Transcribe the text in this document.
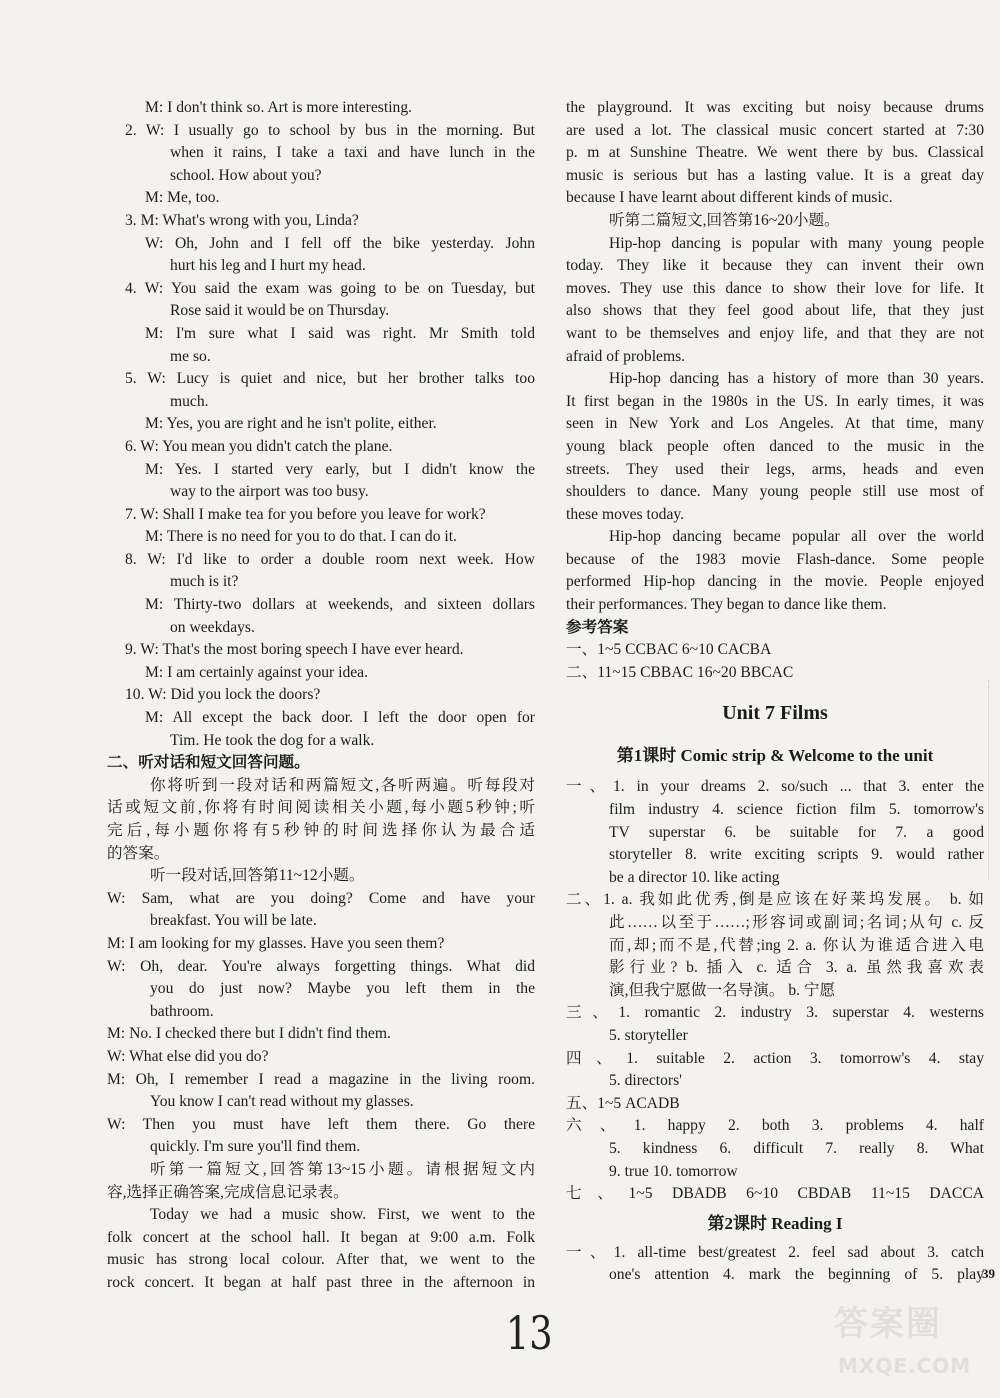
M: I don't think so. Art is more interesting.
2. W: I usually go to school by bus in the morning. But
when it rains, I take a taxi and have lunch in the
school. How about you?
M: Me, too.
3. M: What's wrong with you, Linda?
W: Oh, John and I fell off the bike yesterday. John
hurt his leg and I hurt my head.
4. W: You said the exam was going to be on Tuesday, but
Rose said it would be on Thursday.
M: I'm sure what I said was right. Mr Smith told
me so.
5. W: Lucy is quiet and nice, but her brother talks too
much.
M: Yes, you are right and he isn't polite, either.
6. W: You mean you didn't catch the plane.
M: Yes. I started very early, but I didn't know the
way to the airport was too busy.
7. W: Shall I make tea for you before you leave for work?
M: There is no need for you to do that. I can do it.
8. W: I'd like to order a double room next week. How
much is it?
M: Thirty-two dollars at weekends, and sixteen dollars
on weekdays.
9. W: That's the most boring speech I have ever heard.
M: I am certainly against your idea.
10. W: Did you lock the doors?
M: All except the back door. I left the door open for
Tim. He took the dog for a walk.
二、听对话和短文回答问题。
你将听到一段对话和两篇短文,各听两遍。听每段对
话或短文前,你将有时间阅读相关小题,每小题5秒钟;听
完后,每小题你将有5秒钟的时间选择你认为最合适
的答案。
听一段对话,回答第11~12小题。
W: Sam, what are you doing? Come and have your
breakfast. You will be late.
M: I am looking for my glasses. Have you seen them?
W: Oh, dear. You're always forgetting things. What did
you do just now? Maybe you left them in the
bathroom.
M: No. I checked there but I didn't find them.
W: What else did you do?
M: Oh, I remember I read a magazine in the living room.
You know I can't read without my glasses.
W: Then you must have left them there. Go there
quickly. I'm sure you'll find them.
听第一篇短文,回答第13~15小题。请根据短文内
容,选择正确答案,完成信息记录表。
Today we had a music show. First, we went to the
folk concert at the school hall. It began at 9:00 a.m. Folk
music has strong local colour. After that, we went to the
rock concert. It began at half past three in the afternoon in
the playground. It was exciting but noisy because drums
are used a lot. The classical music concert started at 7:30
p. m at Sunshine Theatre. We went there by bus. Classical
music is serious but has a lasting value. It is a great day
because I have learnt about different kinds of music.
听第二篇短文,回答第16~20小题。
Hip-hop dancing is popular with many young people
today. They like it because they can invent their own
moves. They use this dance to show their love for life. It
also shows that they feel good about life, that they just
want to be themselves and enjoy life, and that they are not
afraid of problems.
Hip-hop dancing has a history of more than 30 years.
It first began in the 1980s in the US. In early times, it was
seen in New York and Los Angeles. At that time, many
young black people often danced to the music in the
streets. They used their legs, arms, heads and even
shoulders to dance. Many young people still use most of
these moves today.
Hip-hop dancing became popular all over the world
because of the 1983 movie Flash-dance. Some people
performed Hip-hop dancing in the movie. People enjoyed
their performances. They began to dance like them.
参考答案
一、1~5 CCBAC 6~10 CACBA
二、11~15 CBBAC 16~20 BBCAC
Unit 7 Films
第1课时 Comic strip & Welcome to the unit
一、1. in your dreams 2. so/such ... that 3. enter the
film industry 4. science fiction film 5. tomorrow's
TV superstar 6. be suitable for 7. a good
storyteller 8. write exciting scripts 9. would rather
be a director 10. like acting
二、1. a. 我如此优秀,倒是应该在好莱坞发展。 b. 如
此……以至于……;形容词或副词;名词;从句 c. 反
而,却;而不是,代替;ing 2. a. 你认为谁适合进入电
影行业? b. 插入 c. 适合 3. a. 虽然我喜欢表
演,但我宁愿做一名导演。 b. 宁愿
三、1. romantic 2. industry 3. superstar 4. westerns
5. storyteller
四、1. suitable 2. action 3. tomorrow's 4. stay
5. directors'
五、1~5 ACADB
六、1. happy 2. both 3. problems 4. half
5. kindness 6. difficult 7. really 8. What
9. true 10. tomorrow
七、1~5 DBADB 6~10 CBDAB 11~15 DACCA
第2课时 Reading I
一、1. all-time best/greatest 2. feel sad about 3. catch
one's attention 4. mark the beginning of 5. play
13
39
答案圈
MXQE.COM
